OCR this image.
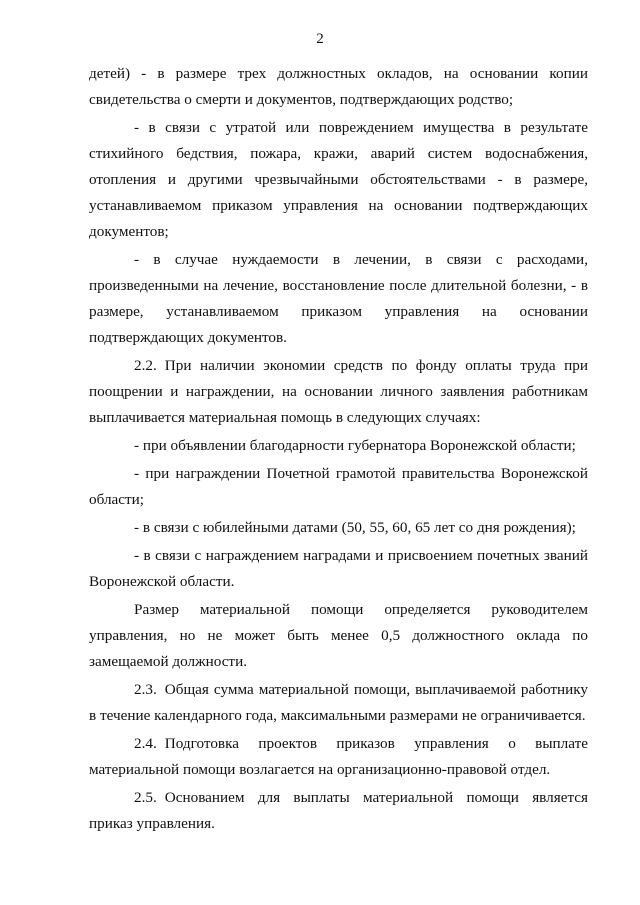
2

детей) - в размере трех должностных окладов, на основании копии свидетельства о смерти и документов, подтверждающих родство;

- в связи с утратой или повреждением имущества в результате стихийного бедствия, пожара, кражи, аварий систем водоснабжения, отопления и другими чрезвычайными обстоятельствами - в размере, устанавливаемом приказом управления на основании подтверждающих документов;

- в случае нуждаемости в лечении, в связи с расходами, произведенными на лечение, восстановление после длительной болезни, - в размере, устанавливаемом приказом управления на основании подтверждающих документов.

2.2. При наличии экономии средств по фонду оплаты труда при поощрении и награждении, на основании личного заявления работникам выплачивается материальная помощь в следующих случаях:

- при объявлении благодарности губернатора Воронежской области;

- при награждении Почетной грамотой правительства Воронежской области;

- в связи с юбилейными датами (50, 55, 60, 65 лет со дня рождения);

- в связи с награждением наградами и присвоением почетных званий Воронежской области.

Размер материальной помощи определяется руководителем управления, но не может быть менее 0,5 должностного оклада по замещаемой должности.

2.3. Общая сумма материальной помощи, выплачиваемой работнику в течение календарного года, максимальными размерами не ограничивается.

2.4. Подготовка проектов приказов управления о выплате материальной помощи возлагается на организационно-правовой отдел.

2.5. Основанием для выплаты материальной помощи является приказ управления.
